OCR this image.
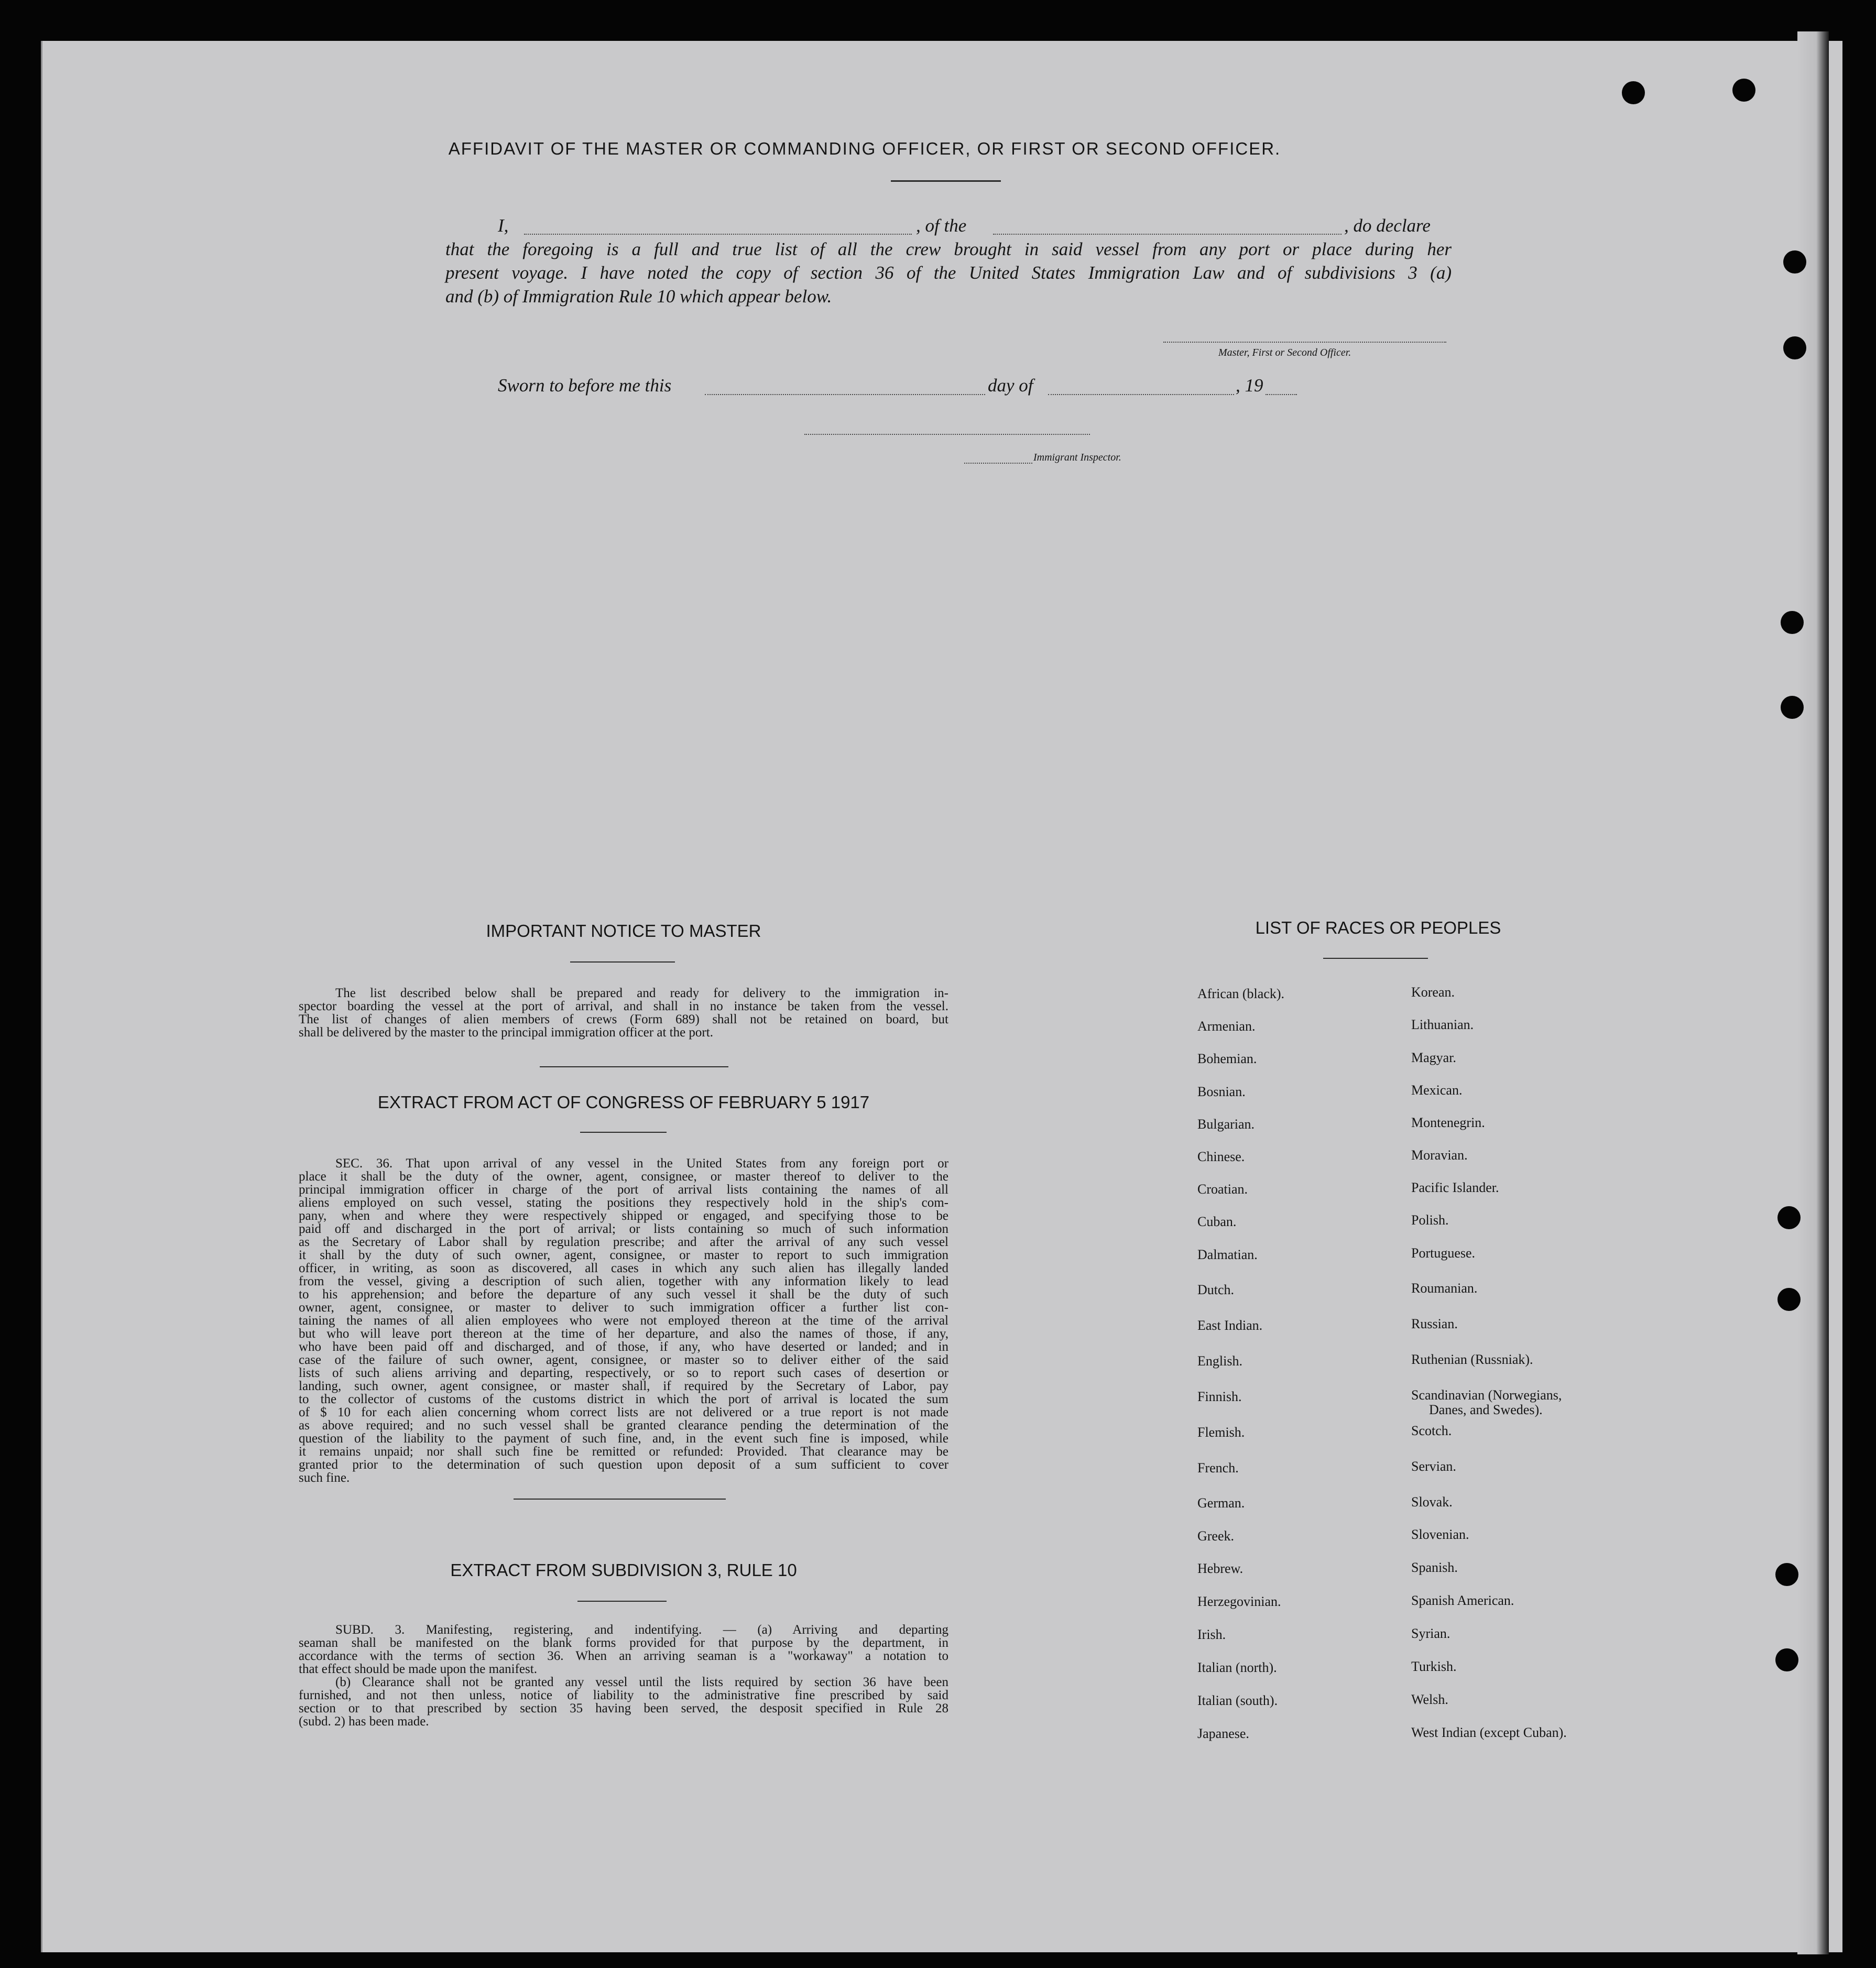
AFFIDAVIT OF THE MASTER OR COMMANDING OFFICER, OR FIRST OR SECOND OFFICER.
I,	, of the	, do declare
that the foregoing is a full and true list of all the crew brought in said vessel from any port or place during her
present voyage. I have noted the copy of section 36 of the United States Immigration Law and of subdivisions 3 (a)
and (b) of Immigration Rule 10 which appear below.
Master, First or Second Officer.
Sworn to before me this	day of	, 19
Immigrant Inspector.
IMPORTANT NOTICE TO MASTER
The list described below shall be prepared and ready for delivery to the immigration in-
spector boarding the vessel at the port of arrival, and shall in no instance be taken from the vessel.
The list of changes of alien members of crews (Form 689) shall not be retained on board, but
shall be delivered by the master to the principal immigration officer at the port.
EXTRACT FROM ACT OF CONGRESS OF FEBRUARY 5 1917
SEC. 36. That upon arrival of any vessel in the United States from any foreign port or
place it shall be the duty of the owner, agent, consignee, or master thereof to deliver to the
principal immigration officer in charge of the port of arrival lists containing the names of all
aliens employed on such vessel, stating the positions they respectively hold in the ship's com-
pany, when and where they were respectively shipped or engaged, and specifying those to be
paid off and discharged in the port of arrival; or lists containing so much of such information
as the Secretary of Labor shall by regulation prescribe; and after the arrival of any such vessel
it shall by the duty of such owner, agent, consignee, or master to report to such immigration
officer, in writing, as soon as discovered, all cases in which any such alien has illegally landed
from the vessel, giving a description of such alien, together with any information likely to lead
to his apprehension; and before the departure of any such vessel it shall be the duty of such
owner, agent, consignee, or master to deliver to such immigration officer a further list con-
taining the names of all alien employees who were not employed thereon at the time of the arrival
but who will leave port thereon at the time of her departure, and also the names of those, if any,
who have been paid off and discharged, and of those, if any, who have deserted or landed; and in
case of the failure of such owner, agent, consignee, or master so to deliver either of the said
lists of such aliens arriving and departing, respectively, or so to report such cases of desertion or
landing, such owner, agent consignee, or master shall, if required by the Secretary of Labor, pay
to the collector of customs of the customs district in which the port of arrival is located the sum
of $ 10 for each alien concerning whom correct lists are not delivered or a true report is not made
as above required; and no such vessel shall be granted clearance pending the determination of the
question of the liability to the payment of such fine, and, in the event such fine is imposed, while
it remains unpaid; nor shall such fine be remitted or refunded: Provided. That clearance may be
granted prior to the determination of such question upon deposit of a sum sufficient to cover
such fine.
EXTRACT FROM SUBDIVISION 3, RULE 10
SUBD. 3. Manifesting, registering, and indentifying. — (a) Arriving and departing
seaman shall be manifested on the blank forms provided for that purpose by the department, in
accordance with the terms of section 36. When an arriving seaman is a "workaway" a notation to
that effect should be made upon the manifest.
(b) Clearance shall not be granted any vessel until the lists required by section 36 have been
furnished, and not then unless, notice of liability to the administrative fine prescribed by said
section or to that prescribed by section 35 having been served, the desposit specified in Rule 28
(subd. 2) has been made.
LIST OF RACES OR PEOPLES
African (black).
Armenian.
Bohemian.
Bosnian.
Bulgarian.
Chinese.
Croatian.
Cuban.
Dalmatian.
Dutch.
East Indian.
English.
Finnish.
Flemish.
French.
German.
Greek.
Hebrew.
Herzegovinian.
Irish.
Italian (north).
Italian (south).
Japanese.
Korean.
Lithuanian.
Magyar.
Mexican.
Montenegrin.
Moravian.
Pacific Islander.
Polish.
Portuguese.
Roumanian.
Russian.
Ruthenian (Russniak).
Scandinavian (Norwegians,
Danes, and Swedes).
Scotch.
Servian.
Slovak.
Slovenian.
Spanish.
Spanish American.
Syrian.
Turkish.
Welsh.
West Indian (except Cuban).
